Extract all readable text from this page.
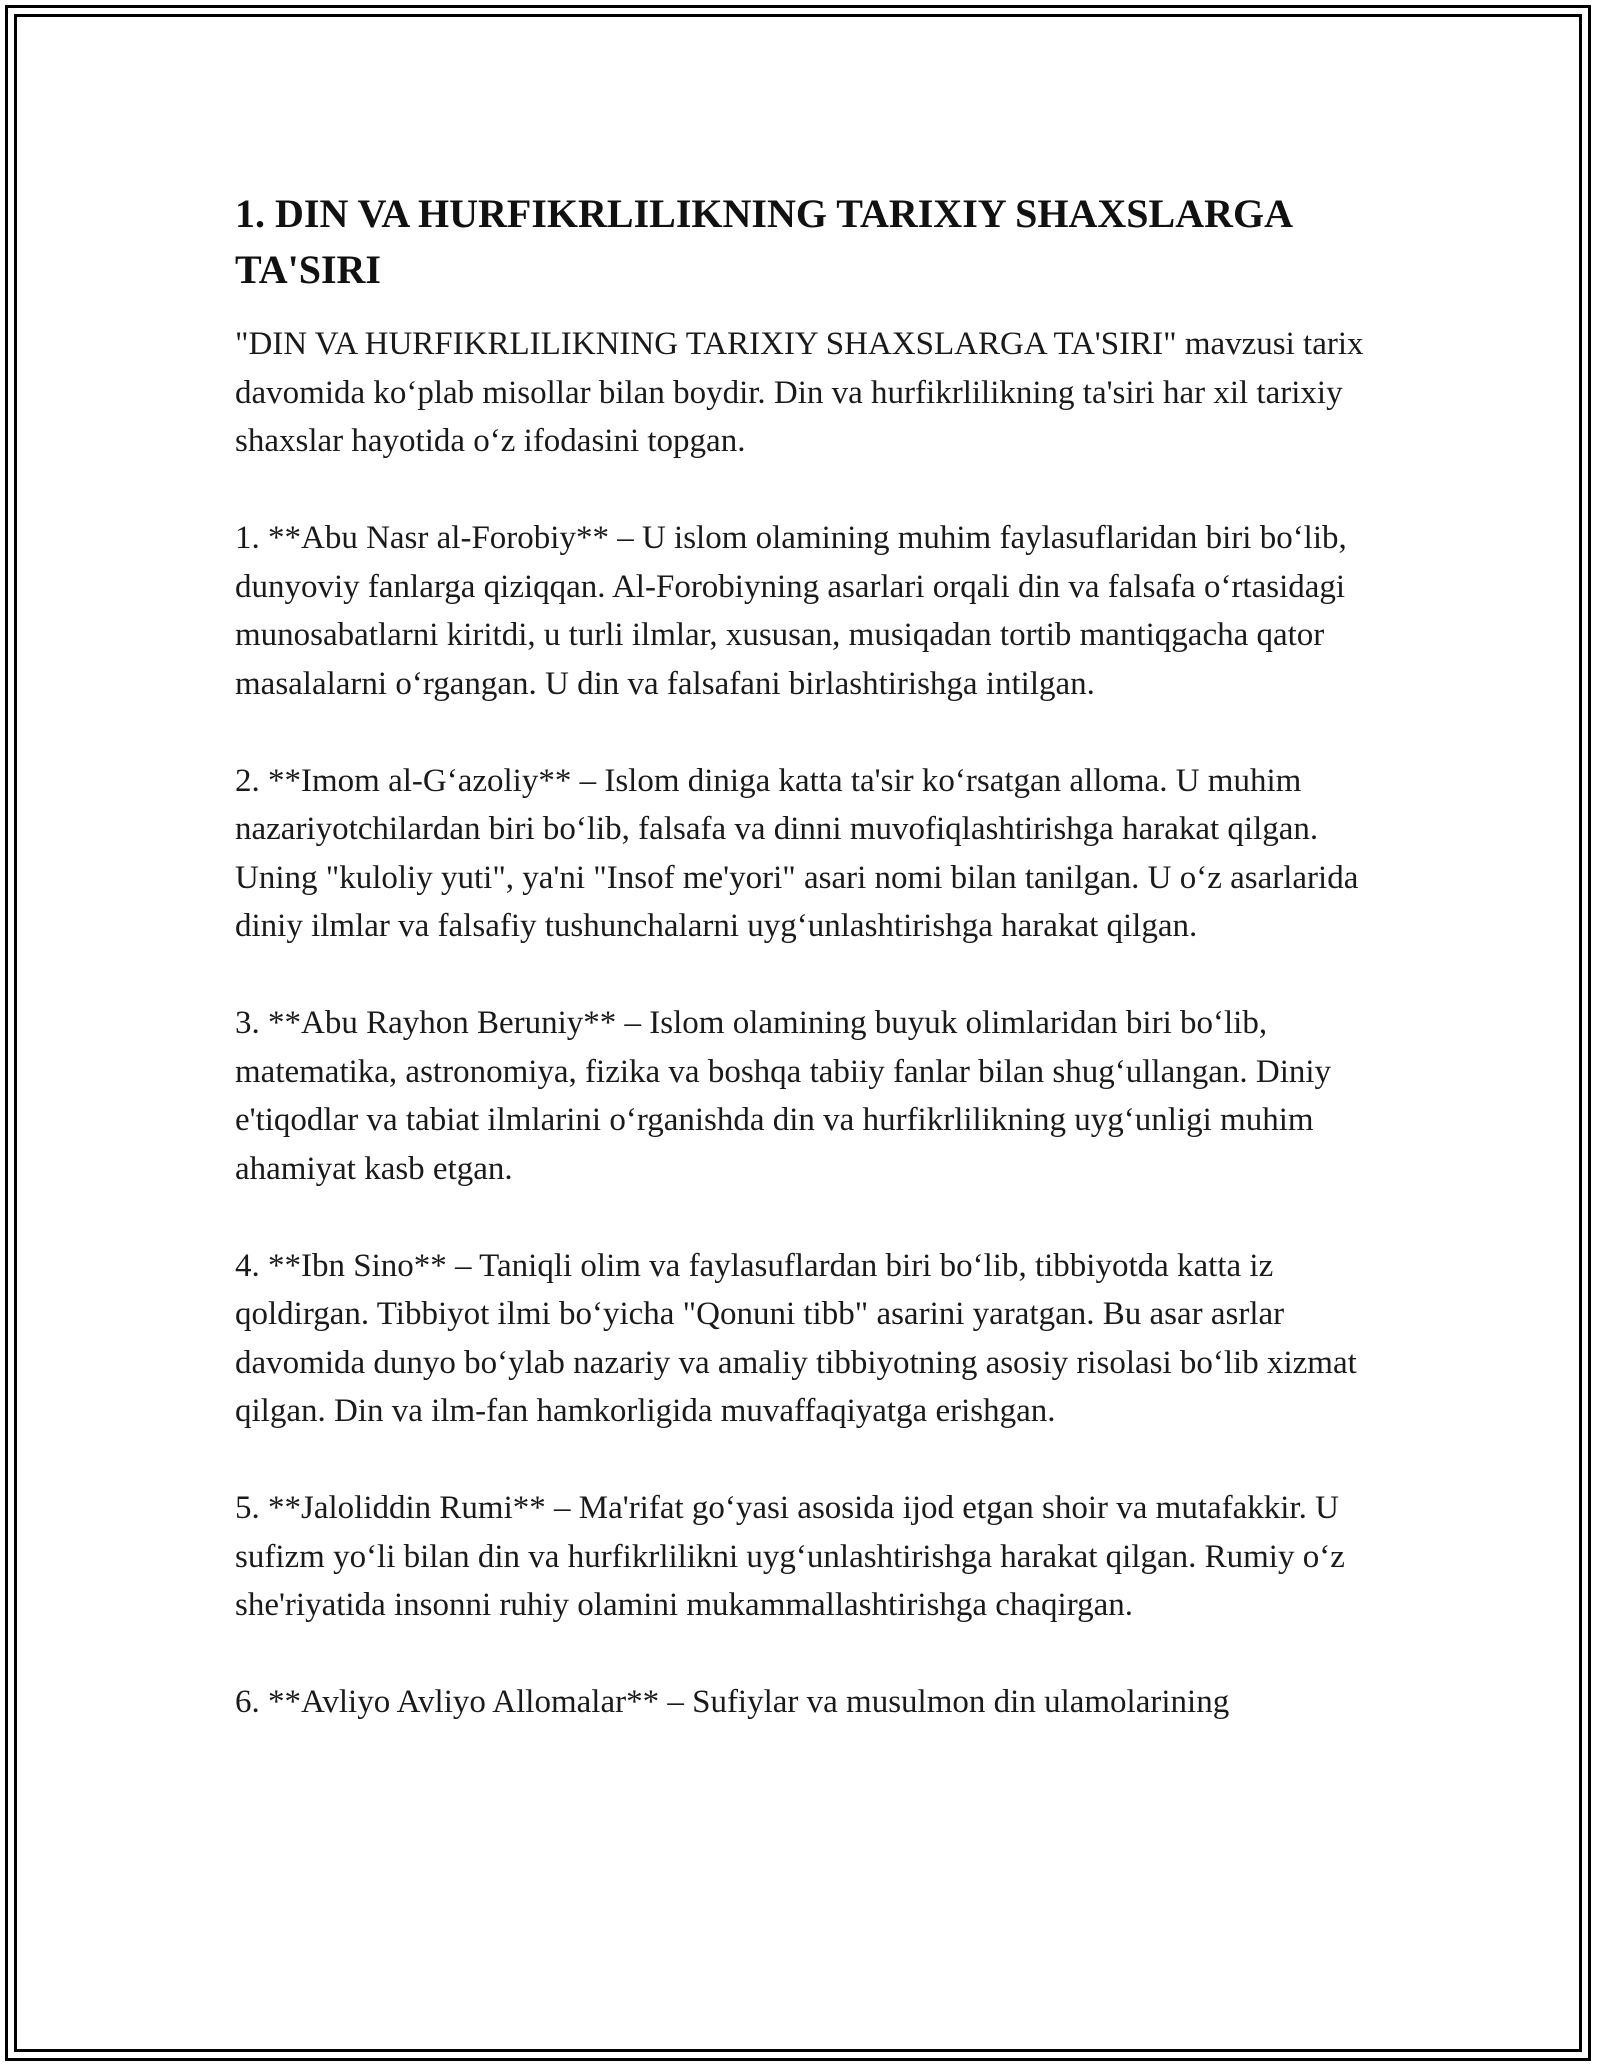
1. DIN VA HURFIKRLILIKNING TARIXIY SHAXSLARGA TA'SIRI

"DIN VA HURFIKRLILIKNING TARIXIY SHAXSLARGA TA'SIRI" mavzusi tarix davomida koʻplab misollar bilan boydir. Din va hurfikrlilikning ta'siri har xil tarixiy shaxslar hayotida oʻz ifodasini topgan.

1. **Abu Nasr al-Forobiy** – U islom olamining muhim faylasuflaridan biri boʻlib, dunyoviy fanlarga qiziqqan. Al-Forobiyning asarlari orqali din va falsafa oʻrtasidagi munosabatlarni kiritdi, u turli ilmlar, xususan, musiqadan tortib mantiqgacha qator masalalarni oʻrgangan. U din va falsafani birlashtirishga intilgan.

2. **Imom al-Gʻazoliy** – Islom diniga katta ta'sir koʻrsatgan alloma. U muhim nazariyotchilardan biri boʻlib, falsafa va dinni muvofiqlashtirishga harakat qilgan. Uning "kuloliy yuti", ya'ni "Insof me'yori" asari nomi bilan tanilgan. U oʻz asarlarida diniy ilmlar va falsafiy tushunchalarni uygʻunlashtirishga harakat qilgan.

3. **Abu Rayhon Beruniy** – Islom olamining buyuk olimlaridan biri boʻlib, matematika, astronomiya, fizika va boshqa tabiiy fanlar bilan shugʻullangan. Diniy e'tiqodlar va tabiat ilmlarini oʻrganishda din va hurfikrlilikning uygʻunligi muhim ahamiyat kasb etgan.

4. **Ibn Sino** – Taniqli olim va faylasuflardan biri boʻlib, tibbiyotda katta iz qoldirgan. Tibbiyot ilmi boʻyicha "Qonuni tibb" asarini yaratgan. Bu asar asrlar davomida dunyo boʻylab nazariy va amaliy tibbiyotning asosiy risolasi boʻlib xizmat qilgan. Din va ilm-fan hamkorligida muvaffaqiyatga erishgan.

5. **Jaloliddin Rumi** – Ma'rifat goʻyasi asosida ijod etgan shoir va mutafakkir. U sufizm yoʻli bilan din va hurfikrlilikni uygʻunlashtirishga harakat qilgan. Rumiy oʻz she'riyatida insonni ruhiy olamini mukammallashtirishga chaqirgan.

6. **Avliyo Avliyo Allomalar** – Sufiylar va musulmon din ulamolarining
